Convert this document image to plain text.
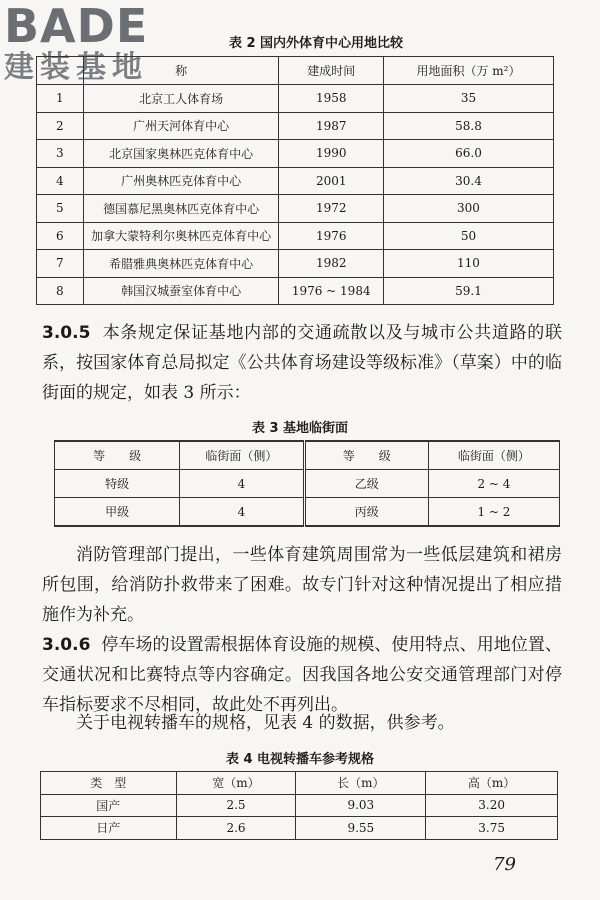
BADE
建装基地
表 2 国内外体育中心用地比较
	称	建成时间	用地面积（万 m²）
1	北京工人体育场	1958	35
2	广州天河体育中心	1987	58.8
3	北京国家奥林匹克体育中心	1990	66.0
4	广州奥林匹克体育中心	2001	30.4
5	德国慕尼黑奥林匹克体育中心	1972	300
6	加拿大蒙特利尔奥林匹克体育中心	1976	50
7	希腊雅典奥林匹克体育中心	1982	110
8	韩国汉城蚕室体育中心	1976 ~ 1984	59.1
3.0.5 本条规定保证基地内部的交通疏散以及与城市公共道路的联系，按国家体育总局拟定《公共体育场建设等级标准》（草案）中的临街面的规定，如表 3 所示：
表 3 基地临街面
等　　级	临街面（侧）	等　　级	临街面（侧）
特级	4	乙级	2 ~ 4
甲级	4	丙级	1 ~ 2
消防管理部门提出，一些体育建筑周围常为一些低层建筑和裙房所包围，给消防扑救带来了困难。故专门针对这种情况提出了相应措施作为补充。
3.0.6 停车场的设置需根据体育设施的规模、使用特点、用地位置、交通状况和比赛特点等内容确定。因我国各地公安交通管理部门对停车指标要求不尽相同，故此处不再列出。
关于电视转播车的规格，见表 4 的数据，供参考。
表 4 电视转播车参考规格
类　型	宽（m）	长（m）	高（m）
国产	2.5	9.03	3.20
日产	2.6	9.55	3.75
79
